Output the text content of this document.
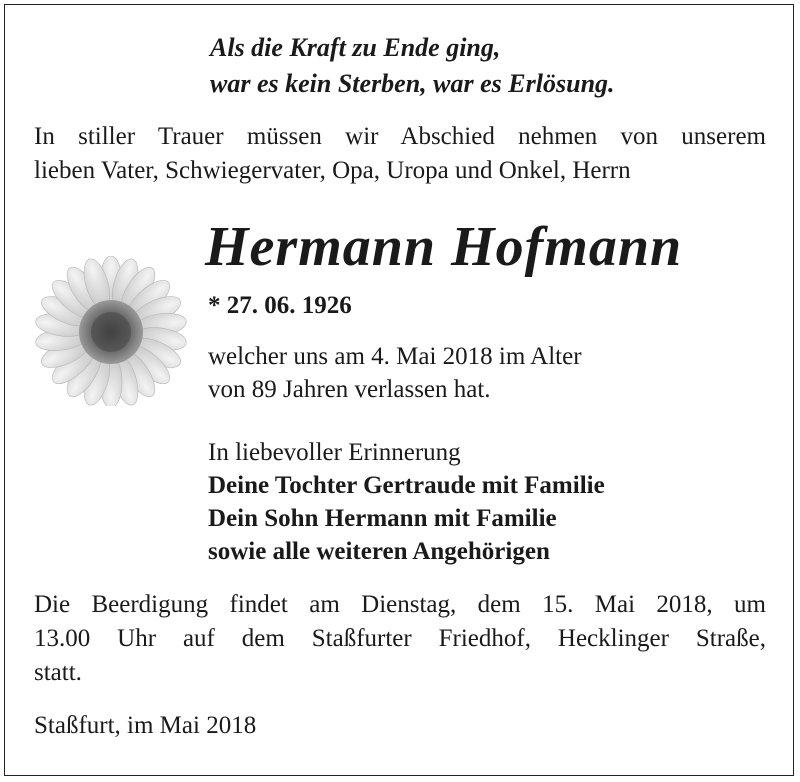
Als die Kraft zu Ende ging,
war es kein Sterben, war es Erlösung.
In stiller Trauer müssen wir Abschied nehmen von unserem
lieben Vater, Schwiegervater, Opa, Uropa und Onkel, Herrn
Hermann Hofmann
* 27. 06. 1926
welcher uns am 4. Mai 2018 im Alter
von 89 Jahren verlassen hat.
In liebevoller Erinnerung
Deine Tochter Gertraude mit Familie
Dein Sohn Hermann mit Familie
sowie alle weiteren Angehörigen
Die Beerdigung findet am Dienstag, dem 15. Mai 2018, um
13.00 Uhr auf dem Staßfurter Friedhof, Hecklinger Straße,
statt.
Staßfurt, im Mai 2018
